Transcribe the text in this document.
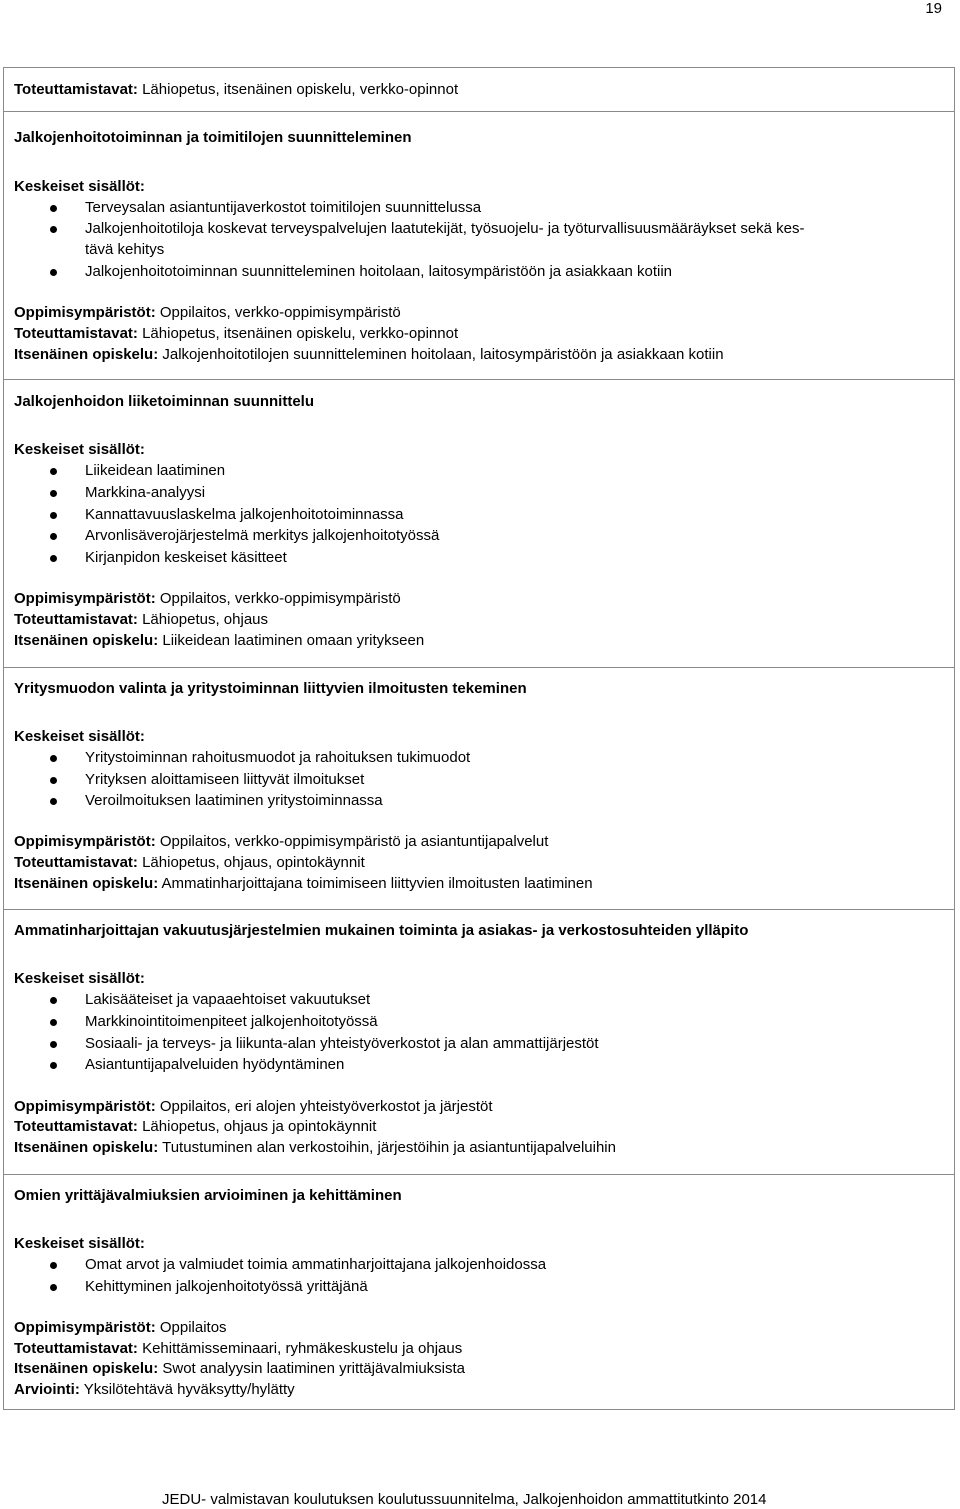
19
Toteuttamistavat: Lähiopetus, itsenäinen opiskelu, verkko-opinnot
Jalkojenhoitotoiminnan ja toimitilojen suunnitteleminen
Keskeiset sisällöt:
Terveysalan asiantuntijaverkostot toimitilojen suunnittelussa
Jalkojenhoitotiloja koskevat terveyspalvelujen laatutekijät, työsuojelu- ja työturvallisuusmääräykset sekä kes-
tävä kehitys
Jalkojenhoitotoiminnan suunnitteleminen hoitolaan, laitosympäristöön ja asiakkaan kotiin
Oppimisympäristöt: Oppilaitos, verkko-oppimisympäristö
Toteuttamistavat: Lähiopetus, itsenäinen opiskelu, verkko-opinnot
Itsenäinen opiskelu: Jalkojenhoitotilojen suunnitteleminen hoitolaan, laitosympäristöön ja asiakkaan kotiin
Jalkojenhoidon liiketoiminnan suunnittelu
Keskeiset sisällöt:
Liikeidean laatiminen
Markkina-analyysi
Kannattavuuslaskelma jalkojenhoitotoiminnassa
Arvonlisäverojärjestelmä merkitys jalkojenhoitotyössä
Kirjanpidon keskeiset käsitteet
Oppimisympäristöt: Oppilaitos, verkko-oppimisympäristö
Toteuttamistavat: Lähiopetus, ohjaus
Itsenäinen opiskelu: Liikeidean laatiminen omaan yritykseen
Yritysmuodon valinta ja yritystoiminnan liittyvien ilmoitusten tekeminen
Keskeiset sisällöt:
Yritystoiminnan rahoitusmuodot ja rahoituksen tukimuodot
Yrityksen aloittamiseen liittyvät ilmoitukset
Veroilmoituksen laatiminen yritystoiminnassa
Oppimisympäristöt: Oppilaitos, verkko-oppimisympäristö ja asiantuntijapalvelut
Toteuttamistavat: Lähiopetus, ohjaus, opintokäynnit
Itsenäinen opiskelu: Ammatinharjoittajana toimimiseen liittyvien ilmoitusten laatiminen
Ammatinharjoittajan vakuutusjärjestelmien mukainen toiminta ja asiakas- ja verkostosuhteiden ylläpito
Keskeiset sisällöt:
Lakisääteiset ja vapaaehtoiset vakuutukset
Markkinointitoimenpiteet jalkojenhoitotyössä
Sosiaali- ja terveys- ja liikunta-alan yhteistyöverkostot ja alan ammattijärjestöt
Asiantuntijapalveluiden hyödyntäminen
Oppimisympäristöt: Oppilaitos, eri alojen yhteistyöverkostot ja järjestöt
Toteuttamistavat: Lähiopetus, ohjaus ja opintokäynnit
Itsenäinen opiskelu: Tutustuminen alan verkostoihin, järjestöihin ja asiantuntijapalveluihin
Omien yrittäjävalmiuksien arvioiminen ja kehittäminen
Keskeiset sisällöt:
Omat arvot ja valmiudet toimia ammatinharjoittajana jalkojenhoidossa
Kehittyminen jalkojenhoitotyössä yrittäjänä
Oppimisympäristöt: Oppilaitos
Toteuttamistavat: Kehittämisseminaari, ryhmäkeskustelu ja ohjaus
Itsenäinen opiskelu: Swot analyysin laatiminen yrittäjävalmiuksista
Arviointi: Yksilötehtävä hyväksytty/hylätty
JEDU- valmistavan koulutuksen koulutussuunnitelma, Jalkojenhoidon ammattitutkinto 2014
